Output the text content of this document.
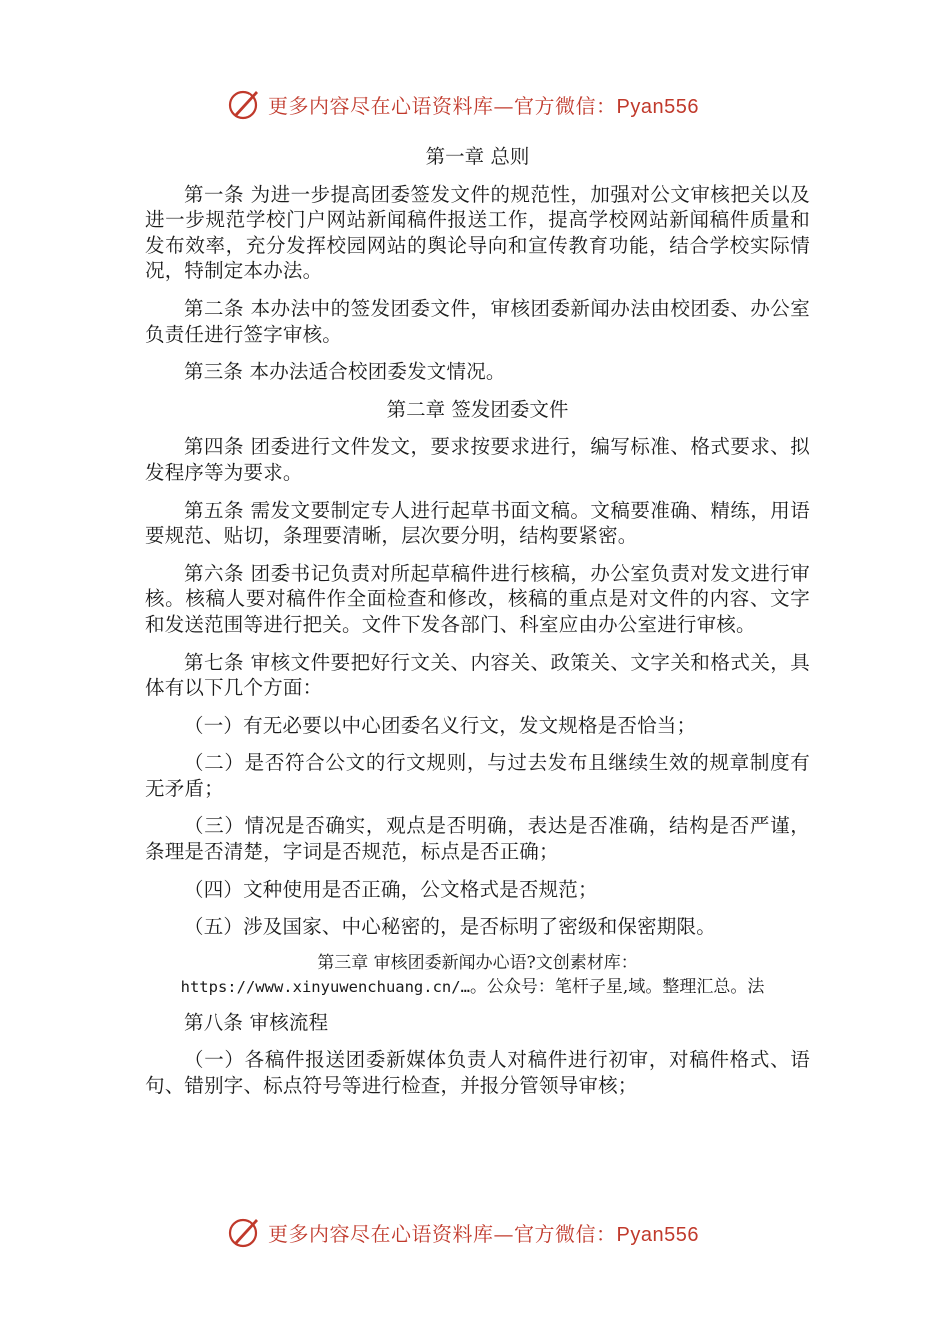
更多内容尽在心语资料库—官方微信：Pyan556
第一章 总则

第一条 为进一步提高团委签发文件的规范性，加强对公文审核把关以及进一步规范学校门户网站新闻稿件报送工作，提高学校网站新闻稿件质量和发布效率，充分发挥校园网站的舆论导向和宣传教育功能，结合学校实际情况，特制定本办法。

第二条 本办法中的签发团委文件，审核团委新闻办法由校团委、办公室负责任进行签字审核。

第三条 本办法适合校团委发文情况。

第二章 签发团委文件

第四条 团委进行文件发文，要求按要求进行，编写标准、格式要求、拟发程序等为要求。

第五条 需发文要制定专人进行起草书面文稿。文稿要准确、精练，用语要规范、贴切，条理要清晰，层次要分明，结构要紧密。

第六条 团委书记负责对所起草稿件进行核稿，办公室负责对发文进行审核。核稿人要对稿件作全面检查和修改，核稿的重点是对文件的内容、文字和发送范围等进行把关。文件下发各部门、科室应由办公室进行审核。

第七条 审核文件要把好行文关、内容关、政策关、文字关和格式关，具体有以下几个方面：

（一）有无必要以中心团委名义行文，发文规格是否恰当；

（二）是否符合公文的行文规则，与过去发布且继续生效的规章制度有无矛盾；

（三）情况是否确实，观点是否明确，表达是否准确，结构是否严谨，条理是否清楚，字词是否规范，标点是否正确；

（四）文种使用是否正确，公文格式是否规范；

（五）涉及国家、中心秘密的，是否标明了密级和保密期限。

第三章 审核团委新闻办心语?文创素材库：
https://www.xinyuwenchuang.cn/…。公众号：笔杆子星,域。整理汇总。法

第八条 审核流程

（一）各稿件报送团委新媒体负责人对稿件进行初审，对稿件格式、语句、错别字、标点符号等进行检查，并报分管领导审核；

更多内容尽在心语资料库—官方微信：Pyan556
